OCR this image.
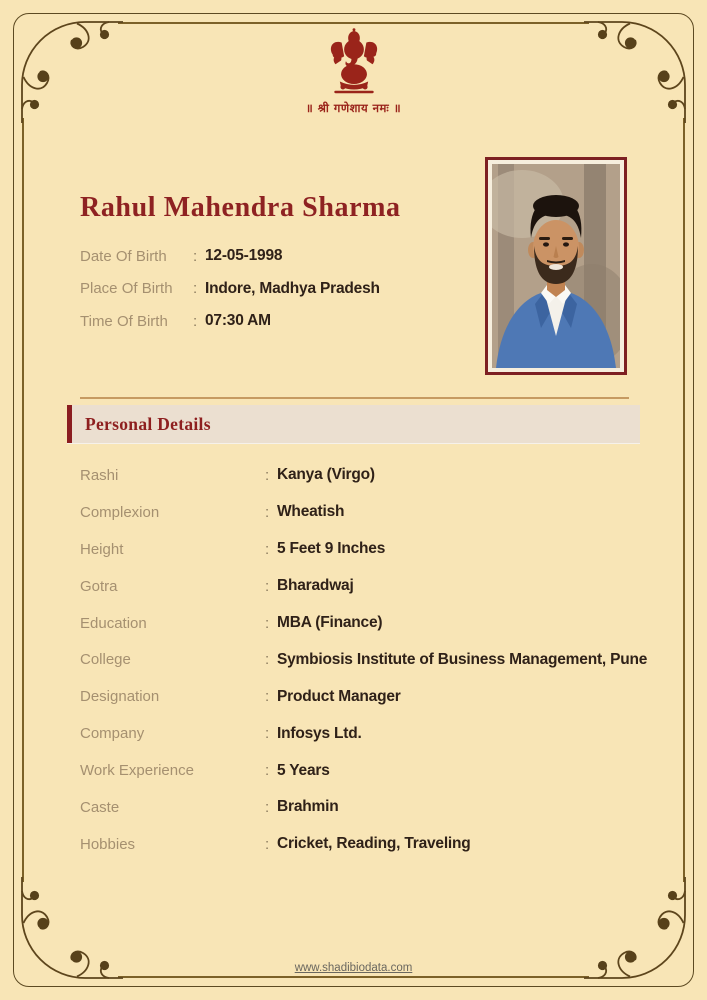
॥ श्री गणेशाय नमः ॥
Rahul Mahendra Sharma
Date Of Birth	: 12-05-1998
Place Of Birth	: Indore, Madhya Pradesh
Time Of Birth	: 07:30 AM
Personal Details
Rashi	: Kanya (Virgo)
Complexion	: Wheatish
Height	: 5 Feet 9 Inches
Gotra	: Bharadwaj
Education	: MBA (Finance)
College	: Symbiosis Institute of Business Management, Pune
Designation	: Product Manager
Company	: Infosys Ltd.
Work Experience	: 5 Years
Caste	: Brahmin
Hobbies	: Cricket, Reading, Traveling
www.shadibiodata.com
